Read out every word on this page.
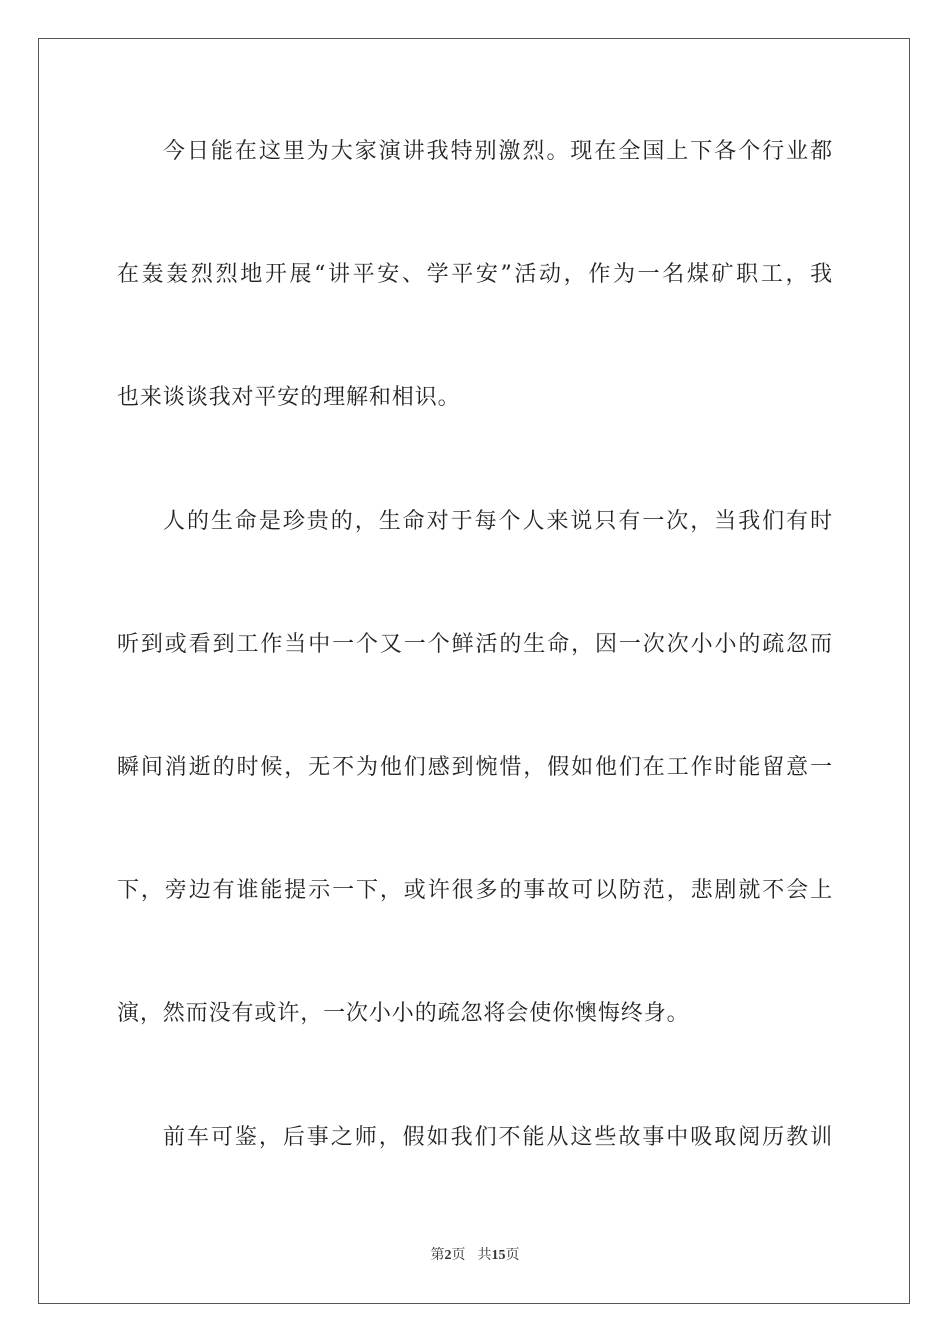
今日能在这里为大家演讲我特别激烈。现在全国上下各个行业都
在轰轰烈烈地开展“讲平安、学平安”活动，作为一名煤矿职工，我
也来谈谈我对平安的理解和相识。
人的生命是珍贵的，生命对于每个人来说只有一次，当我们有时
听到或看到工作当中一个又一个鲜活的生命，因一次次小小的疏忽而
瞬间消逝的时候，无不为他们感到惋惜，假如他们在工作时能留意一
下，旁边有谁能提示一下，或许很多的事故可以防范，悲剧就不会上
演，然而没有或许，一次小小的疏忽将会使你懊悔终身。
前车可鉴，后事之师，假如我们不能从这些故事中吸取阅历教训
第2页 共15页
